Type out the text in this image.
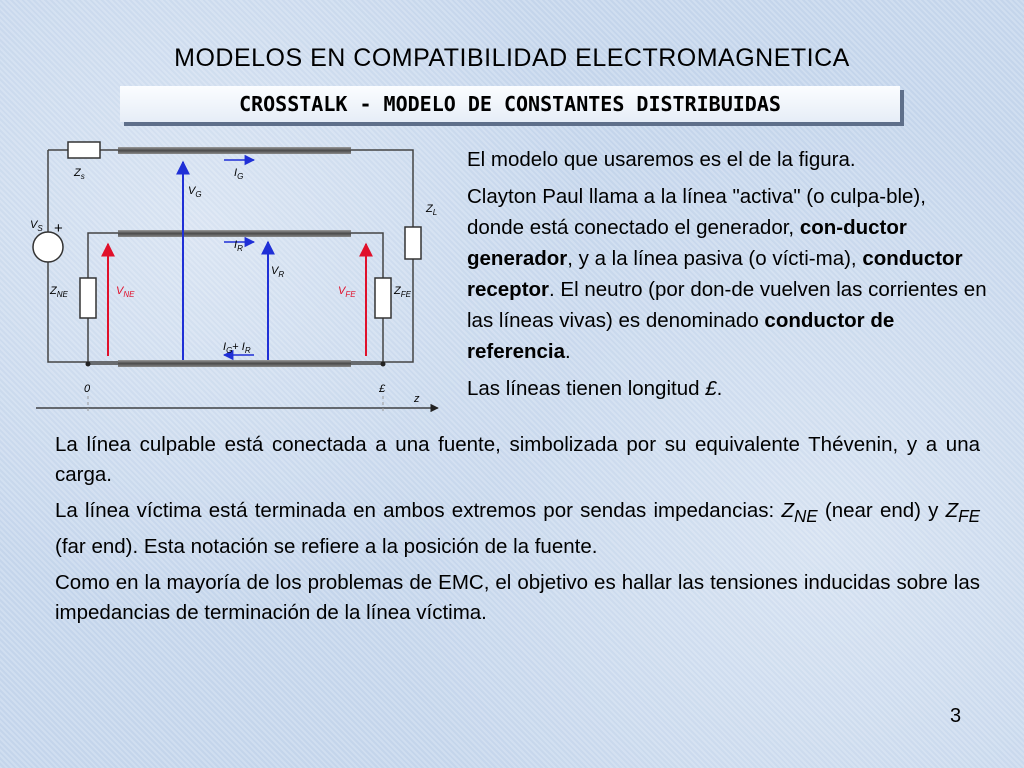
MODELOS EN COMPATIBILIDAD ELECTROMAGNETICA
CROSSTALK - MODELO DE CONSTANTES DISTRIBUIDAS
$Z_s$
$V_S$ +
$Z_L$
$I_G$
$V_G$
$I_R$
$V_R$
$I_G+ I_R$
$Z_{NE}$	$V_{NE}$	$V_{FE}$	$Z_{FE}$
0	£
z

El modelo que usaremos es el de la figura.

Clayton Paul llama a la línea "activa" (o culpa-ble), donde está conectado el generador, con-ductor generador, y a la línea pasiva (o vícti-ma), conductor receptor. El neutro (por don-de vuelven las corrientes en las líneas vivas) es denominado conductor de referencia.

Las líneas tienen longitud £.

La línea culpable está conectada a una fuente, simbolizada por su equivalente Thévenin, y a una carga.

La línea víctima está terminada en ambos extremos por sendas impedancias: $Z_{NE}$ (near end) y $Z_{FE}$ (far end). Esta notación se refiere a la posición de la fuente.

Como en la mayoría de los problemas de EMC, el objetivo es hallar las tensiones inducidas sobre las impedancias de terminación de la línea víctima.

3
